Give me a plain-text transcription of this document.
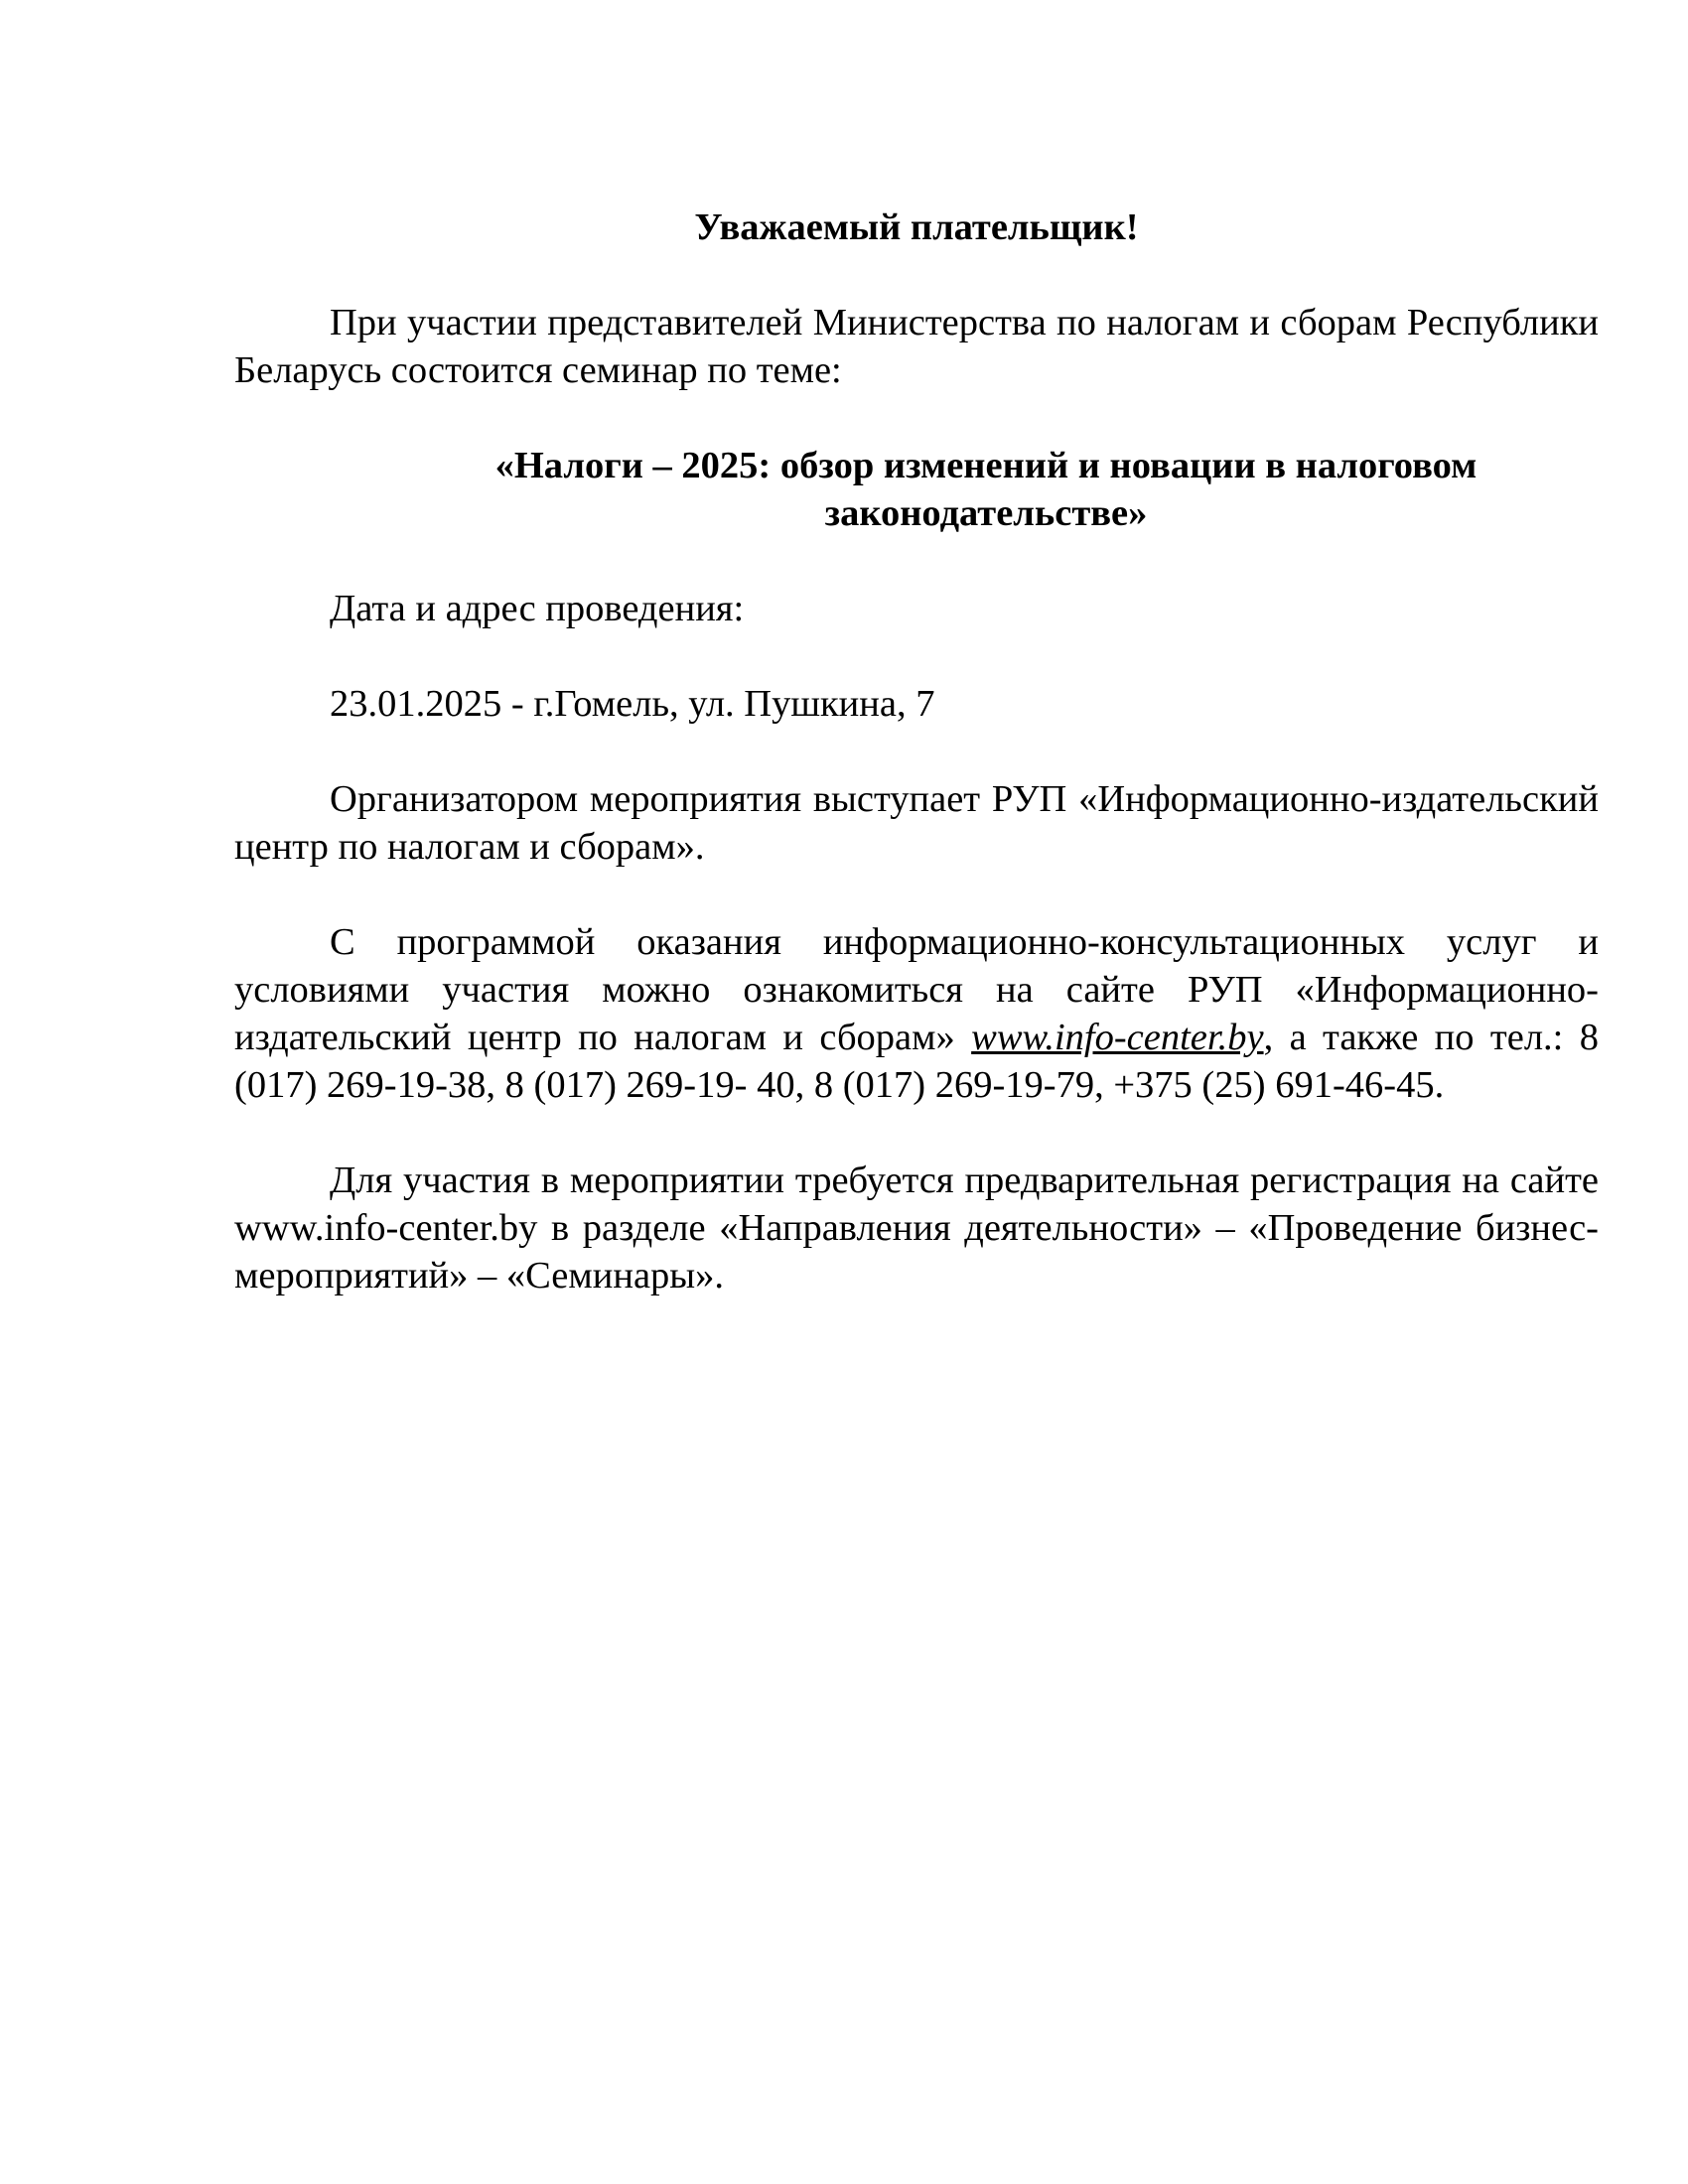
Уважаемый плательщик!

При участии представителей Министерства по налогам и сборам Республики Беларусь состоится семинар по теме:

«Налоги – 2025: обзор изменений и новации в налоговом
законодательстве»

Дата и адрес проведения:

23.01.2025 - г.Гомель, ул. Пушкина, 7

Организатором мероприятия выступает РУП «Информационно-издательский центр по налогам и сборам».

С программой оказания информационно-консультационных услуг и условиями участия можно ознакомиться на сайте РУП «Информационно-издательский центр по налогам и сборам» www.info-center.by, а также по тел.: 8 (017) 269-19-38, 8 (017) 269-19- 40, 8 (017) 269-19-79, +375 (25) 691-46-45.

Для участия в мероприятии требуется предварительная регистрация на сайте www.info-center.by в разделе «Направления деятельности» – «Проведение бизнес-мероприятий» – «Семинары».
